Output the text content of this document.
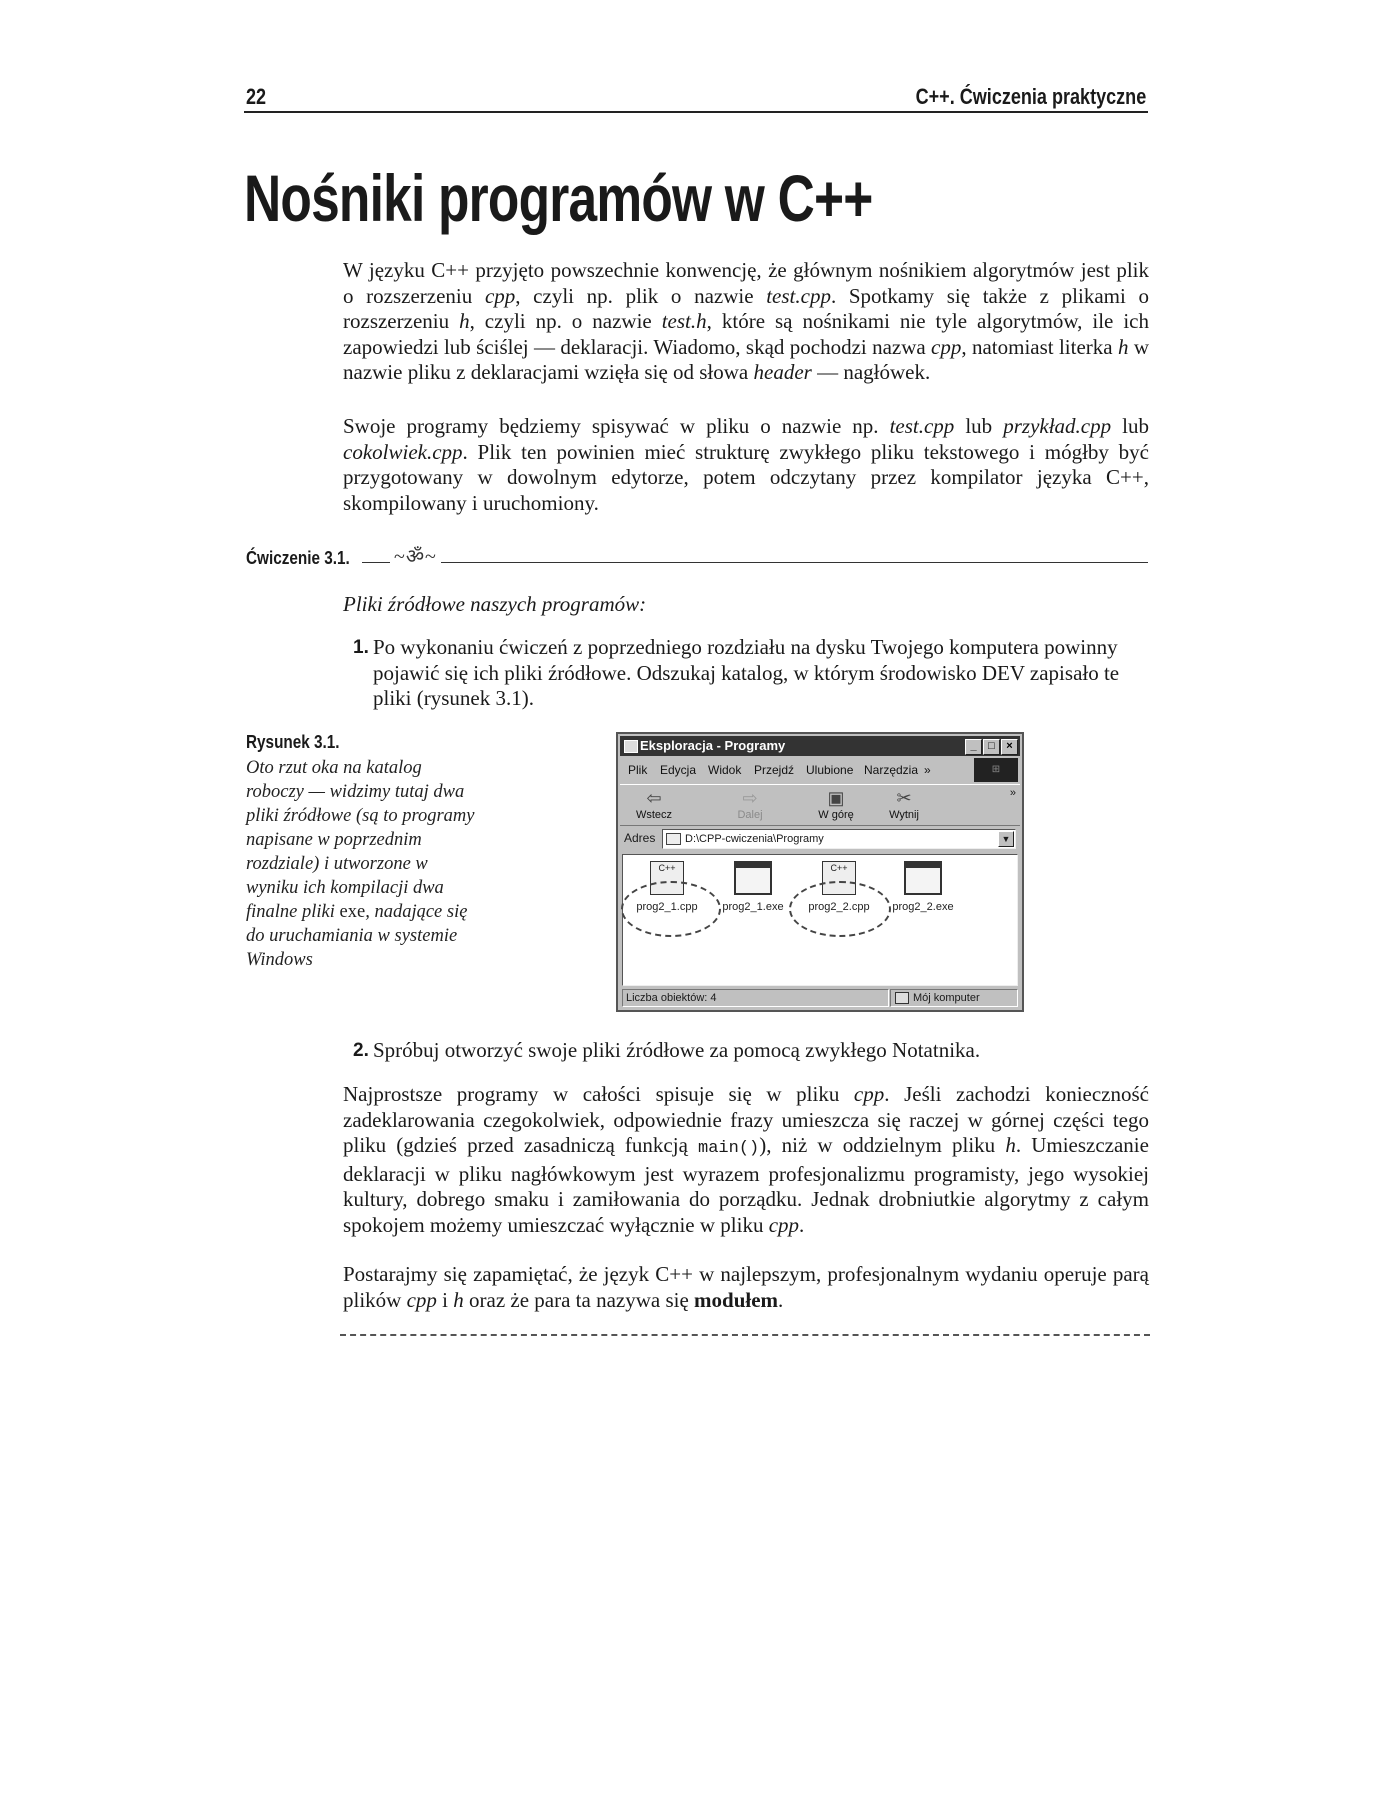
22	C++. Ćwiczenia praktyczne
Nośniki programów w C++
W języku C++ przyjęto powszechnie konwencję, że głównym nośnikiem algorytmów jest plik o rozszerzeniu cpp, czyli np. plik o nazwie test.cpp. Spotkamy się także z plikami o rozszerzeniu h, czyli np. o nazwie test.h, które są nośnikami nie tyle algorytmów, ile ich zapowiedzi lub ściślej — deklaracji. Wiadomo, skąd pochodzi nazwa cpp, natomiast literka h w nazwie pliku z deklaracjami wzięła się od słowa header — nagłówek.
Swoje programy będziemy spisywać w pliku o nazwie np. test.cpp lub przykład.cpp lub cokolwiek.cpp. Plik ten powinien mieć strukturę zwykłego pliku tekstowego i mógłby być przygotowany w dowolnym edytorze, potem odczytany przez kompilator języka C++, skompilowany i uruchomiony.
Ćwiczenie 3.1. ~ॐ~
Pliki źródłowe naszych programów:
1. Po wykonaniu ćwiczeń z poprzedniego rozdziału na dysku Twojego komputera powinny pojawić się ich pliki źródłowe. Odszukaj katalog, w którym środowisko DEV zapisało te pliki (rysunek 3.1).
Rysunek 3.1.
Oto rzut oka na katalog roboczy — widzimy tutaj dwa pliki źródłowe (są to programy napisane w poprzednim rozdziale) i utworzone w wyniku ich kompilacji dwa finalne pliki exe, nadające się do uruchamiania w systemie Windows
Eksploracja - Programy	_	□	×
Plik Edycja Widok Przejdź Ulubione Narzędzia »	⊞
⇦
Wstecz
⇨
Dalej
▣
W górę
✂
Wytnij
»
Adres	D:\CPP-cwiczenia\Programy	▼
C++
prog2_1.cpp	prog2_1.exe
C++
prog2_2.cpp	prog2_2.exe
Liczba obiektów: 4	Mój komputer
2. Spróbuj otworzyć swoje pliki źródłowe za pomocą zwykłego Notatnika.
Najprostsze programy w całości spisuje się w pliku cpp. Jeśli zachodzi konieczność zadeklarowania czegokolwiek, odpowiednie frazy umieszcza się raczej w górnej części tego pliku (gdzieś przed zasadniczą funkcją main()), niż w oddzielnym pliku h. Umieszczanie deklaracji w pliku nagłówkowym jest wyrazem profesjonalizmu programisty, jego wysokiej kultury, dobrego smaku i zamiłowania do porządku. Jednak drobniutkie algorytmy z całym spokojem możemy umieszczać wyłącznie w pliku cpp.
Postarajmy się zapamiętać, że język C++ w najlepszym, profesjonalnym wydaniu operuje parą plików cpp i h oraz że para ta nazywa się modułem.
